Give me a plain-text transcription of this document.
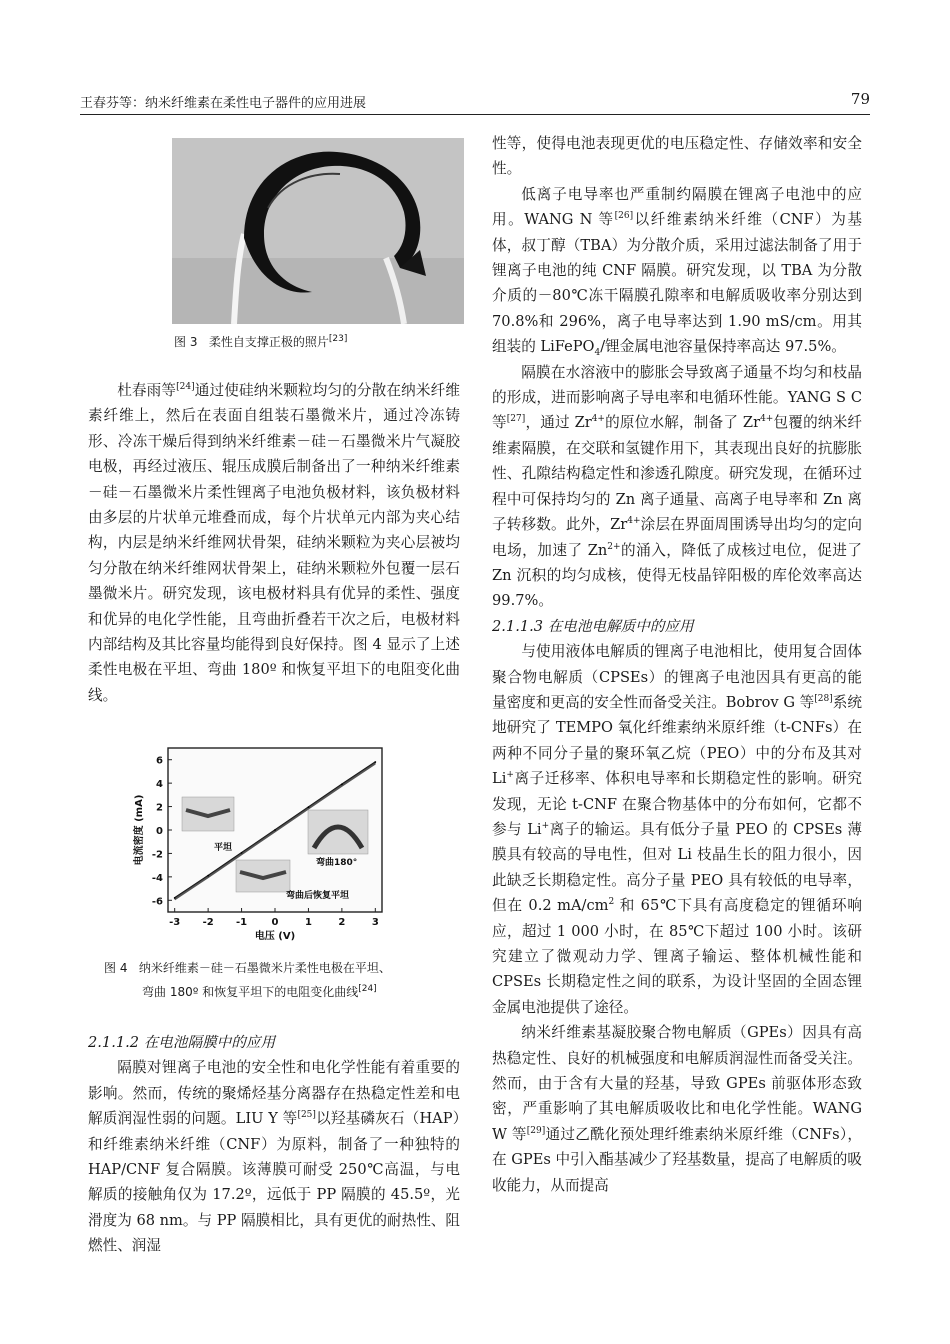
王春芬等：纳米纤维素在柔性电子器件的应用进展	79
图 3 柔性自支撑正极的照片[23]

杜春雨等[24]通过使硅纳米颗粒均匀的分散在纳米纤维素纤维上，然后在表面自组装石墨微米片，通过冷冻铸形、冷冻干燥后得到纳米纤维素－硅－石墨微米片气凝胶电极，再经过液压、辊压成膜后制备出了一种纳米纤维素－硅－石墨微米片柔性锂离子电池负极材料，该负极材料由多层的片状单元堆叠而成，每个片状单元内部为夹心结构，内层是纳米纤维网状骨架，硅纳米颗粒为夹心层被均匀分散在纳米纤维网状骨架上，硅纳米颗粒外包覆一层石墨微米片。研究发现，该电极材料具有优异的柔性、强度和优异的电化学性能，且弯曲折叠若干次之后，电极材料内部结构及其比容量均能得到良好保持。图 4 显示了上述柔性电极在平坦、弯曲 180º 和恢复平坦下的电阻变化曲线。

6
4
2
0
-2
-4
-6
-3 -2 -1 0	1	2	3
电压 (V)
电流密度 (mA)	平坦
弯曲180°
弯曲后恢复平坦
图 4 纳米纤维素－硅－石墨微米片柔性电极在平坦、
弯曲 180º 和恢复平坦下的电阻变化曲线[24]

2.1.1.2 在电池隔膜中的应用

隔膜对锂离子电池的安全性和电化学性能有着重要的影响。然而，传统的聚烯烃基分离器存在热稳定性差和电解质润湿性弱的问题。LIU Y 等[25]以羟基磷灰石（HAP）和纤维素纳米纤维（CNF）为原料，制备了一种独特的 HAP/CNF 复合隔膜。该薄膜可耐受 250℃高温，与电解质的接触角仅为 17.2º，远低于 PP 隔膜的 45.5º，光滑度为 68 nm。与 PP 隔膜相比，具有更优的耐热性、阻燃性、润湿

性等，使得电池表现更优的电压稳定性、存储效率和安全性。

低离子电导率也严重制约隔膜在锂离子电池中的应用。WANG N 等[26]以纤维素纳米纤维（CNF）为基体，叔丁醇（TBA）为分散介质，采用过滤法制备了用于锂离子电池的纯 CNF 隔膜。研究发现，以 TBA 为分散介质的－80℃冻干隔膜孔隙率和电解质吸收率分别达到 70.8%和 296%，离子电导率达到 1.90 mS/cm。用其组装的 LiFePO$_4$/锂金属电池容量保持率高达 97.5%。

隔膜在水溶液中的膨胀会导致离子通量不均匀和枝晶的形成，进而影响离子导电率和电循环性能。YANG S C 等[27]，通过 $Zr^{4+}$的原位水解，制备了 $Zr^{4+}$包覆的纳米纤维素隔膜，在交联和氢键作用下，其表现出良好的抗膨胀性、孔隙结构稳定性和渗透孔隙度。研究发现，在循环过程中可保持均匀的 Zn 离子通量、高离子电导率和 Zn 离子转移数。此外，$Zr^{4+}$涂层在界面周围诱导出均匀的定向电场，加速了 $Zn^{2+}$的涌入，降低了成核过电位，促进了 Zn 沉积的均匀成核，使得无枝晶锌阳极的库伦效率高达 99.7%。

2.1.1.3 在电池电解质中的应用

与使用液体电解质的锂离子电池相比，使用复合固体聚合物电解质（CPSEs）的锂离子电池因具有更高的能量密度和更高的安全性而备受关注。Bobrov G 等[28]系统地研究了 TEMPO 氧化纤维素纳米原纤维（t-CNFs）在两种不同分子量的聚环氧乙烷（PEO）中的分布及其对 Li+离子迁移率、体积电导率和长期稳定性的影响。研究发现，无论 t-CNF 在聚合物基体中的分布如何，它都不参与 Li+离子的输运。具有低分子量 PEO 的 CPSEs 薄膜具有较高的导电性，但对 Li 枝晶生长的阻力很小，因此缺乏长期稳定性。高分子量 PEO 具有较低的电导率，但在 0.2 $mA/cm^2$ 和 65℃下具有高度稳定的锂循环响应，超过 1 000 小时，在 85℃下超过 100 小时。该研究建立了微观动力学、锂离子输运、整体机械性能和 CPSEs 长期稳定性之间的联系，为设计坚固的全固态锂金属电池提供了途径。

纳米纤维素基凝胶聚合物电解质（GPEs）因具有高热稳定性、良好的机械强度和电解质润湿性而备受关注。然而，由于含有大量的羟基，导致 GPEs 前驱体形态致密，严重影响了其电解质吸收比和电化学性能。WANG W 等[29]通过乙酰化预处理纤维素纳米原纤维（CNFs），在 GPEs 中引入酯基减少了羟基数量，提高了电解质的吸收能力，从而提高
